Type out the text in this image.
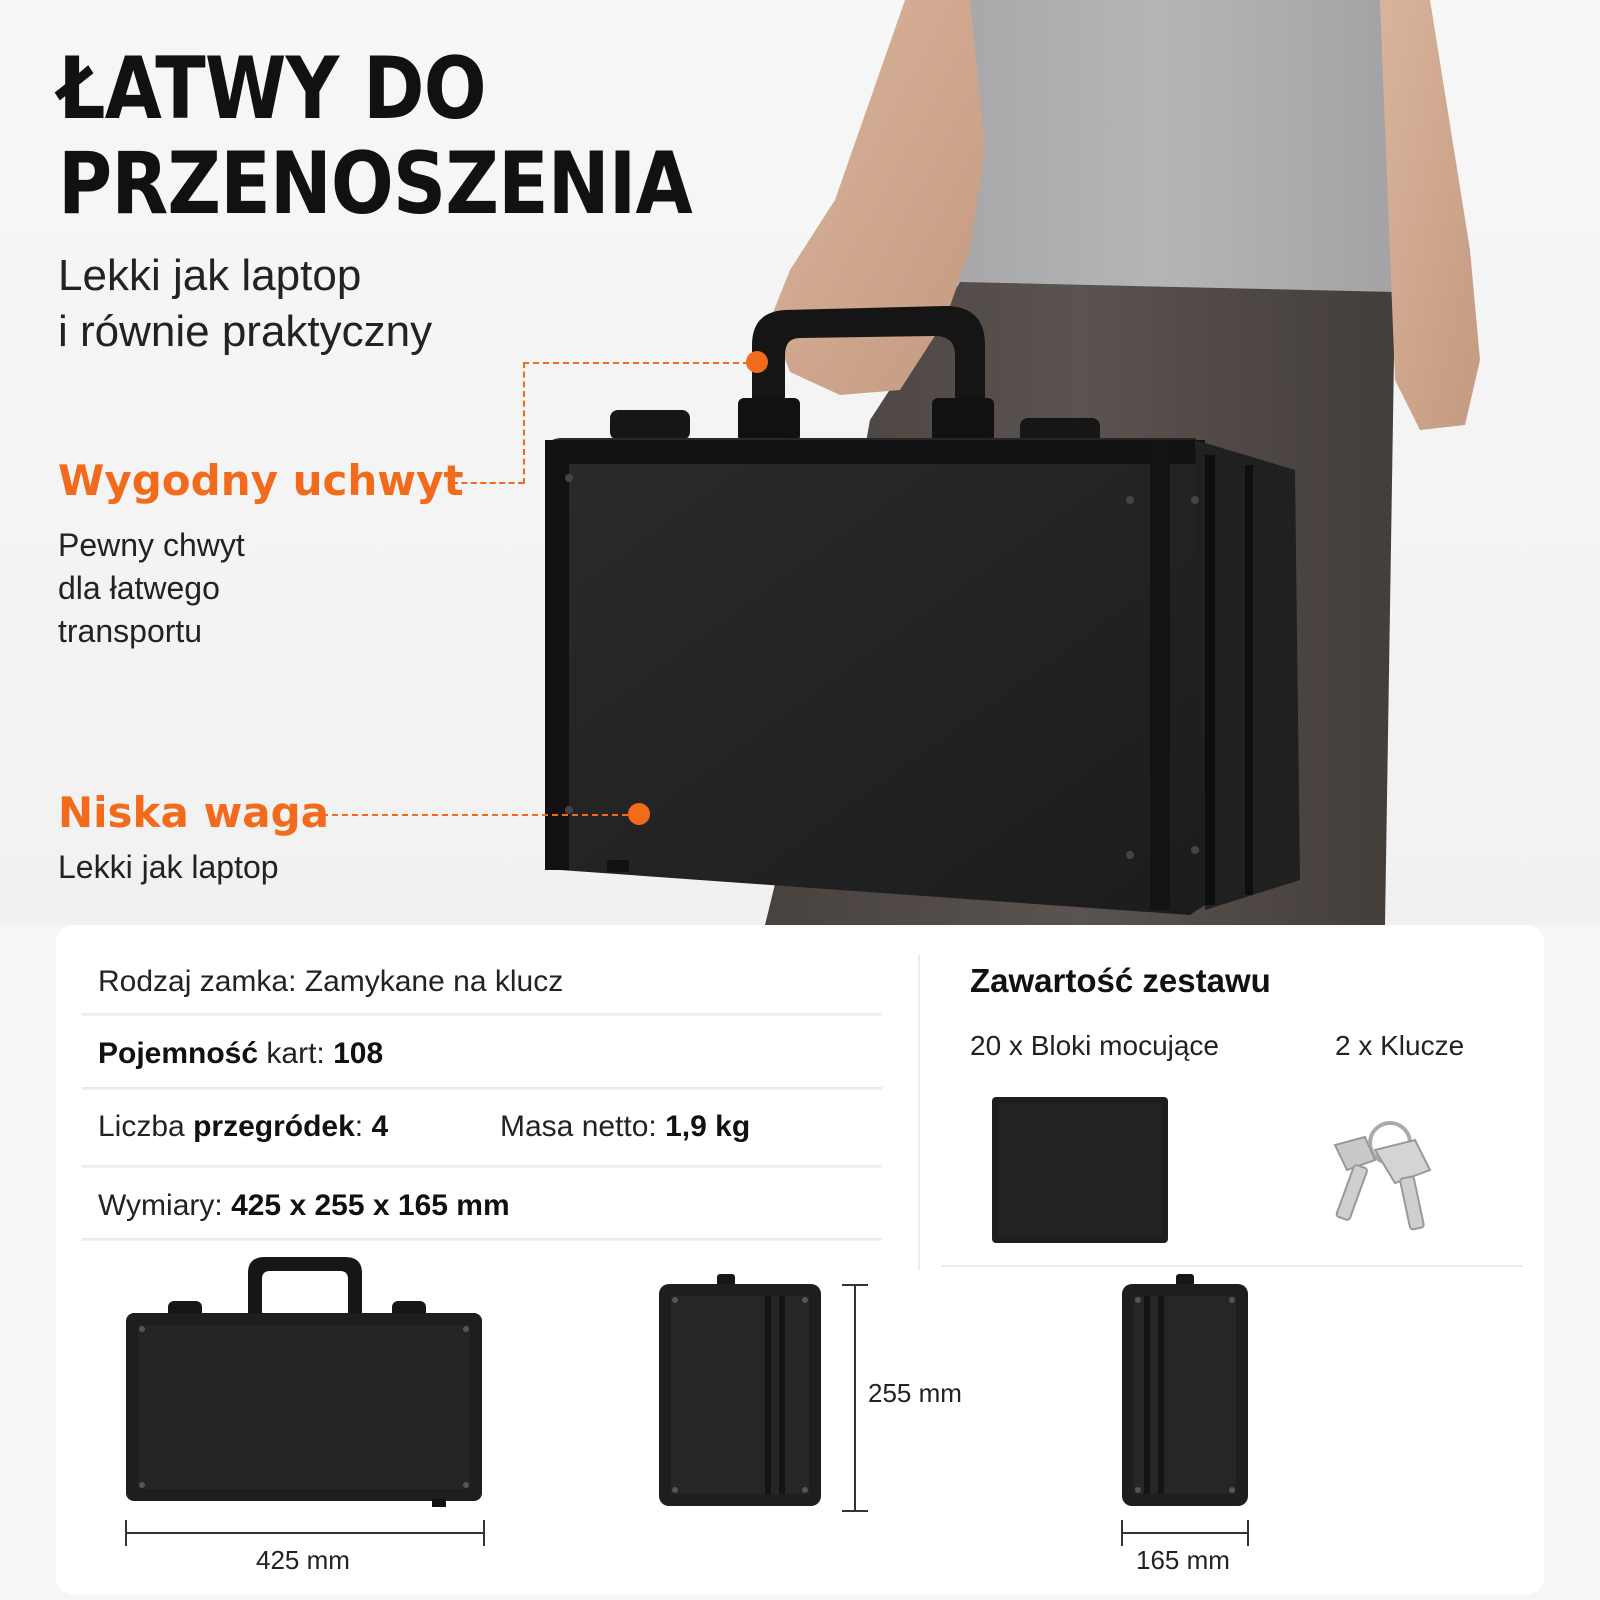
ŁATWY DO
PRZENOSZENIA
Lekki jak laptop
i równie praktyczny
Wygodny uchwyt
Pewny chwyt
dla łatwego
transportu
Niska waga
Lekki jak laptop
Rodzaj zamka: Zamykane na klucz
Pojemność kart: 108
Liczba przegródek: 4	Masa netto: 1,9 kg
Wymiary: 425 x 255 x 165 mm
Zawartość zestawu
20 x Bloki mocujące	2 x Klucze
425 mm
255 mm
165 mm
